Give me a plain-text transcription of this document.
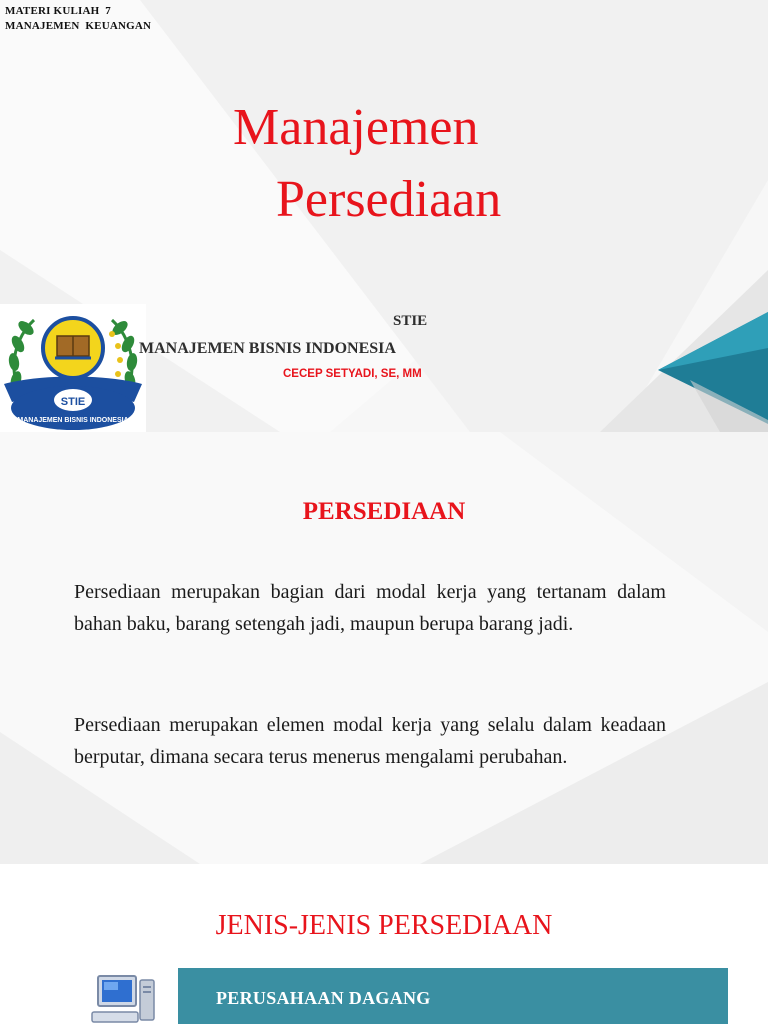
MATERI KULIAH  7
MANAJEMEN  KEUANGAN
Manajemen
Persediaan
STIE
MANAJEMEN BISNIS INDONESIA
STIE
MANAJEMEN BISNIS INDONESIA
CECEP SETYADI, SE, MM
PERSEDIAAN

Persediaan merupakan bagian dari modal kerja yang tertanam dalam bahan baku, barang setengah jadi, maupun berupa barang jadi.

Persediaan merupakan elemen modal kerja yang selalu dalam keadaan berputar, dimana secara terus menerus mengalami perubahan.

JENIS-JENIS PERSEDIAAN
PERUSAHAAN DAGANG
